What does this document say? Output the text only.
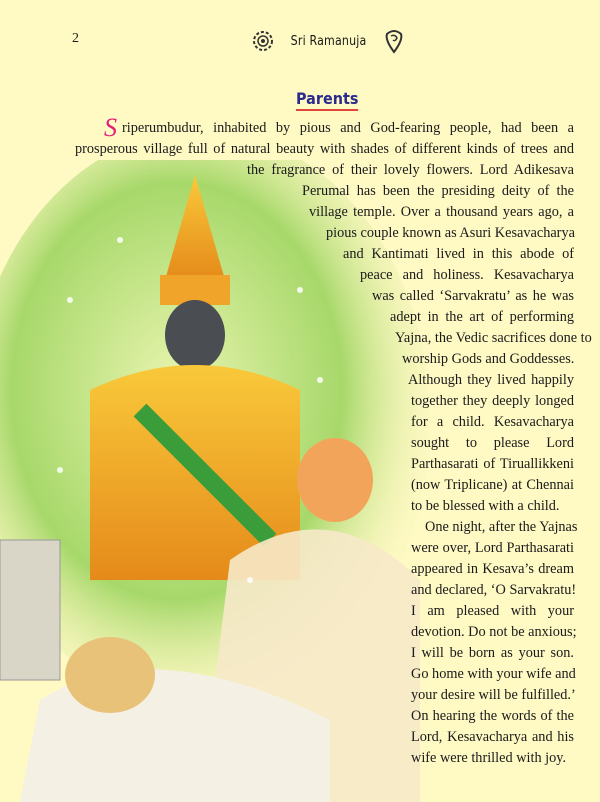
2	Sri Ramanuja
Parents
S riperumbudur, inhabited by pious and God-fearing people, had been a
prosperous village full of natural beauty with shades of different kinds of trees and
the fragrance of their lovely flowers. Lord Adikesava
Perumal has been the presiding deity of the
village temple. Over a thousand years ago, a
pious couple known as Asuri Kesavacharya
and Kantimati lived in this abode of
peace and holiness. Kesavacharya
was called ‘Sarvakratu’ as he was
adept in the art of performing
Yajna, the Vedic sacrifices done to
worship Gods and Goddesses.
Although they lived happily
together they deeply longed
for a child. Kesavacharya
sought to please Lord
Parthasarati of Tiruallikkeni
(now Triplicane) at Chennai
to be blessed with a child.
One night, after the Yajnas
were over, Lord Parthasarati
appeared in Kesava’s dream
and declared, ‘O Sarvakratu!
I am pleased with your
devotion. Do not be anxious;
I will be born as your son.
Go home with your wife and
your desire will be fulfilled.’
On hearing the words of the
Lord, Kesavacharya and his
wife were thrilled with joy.
